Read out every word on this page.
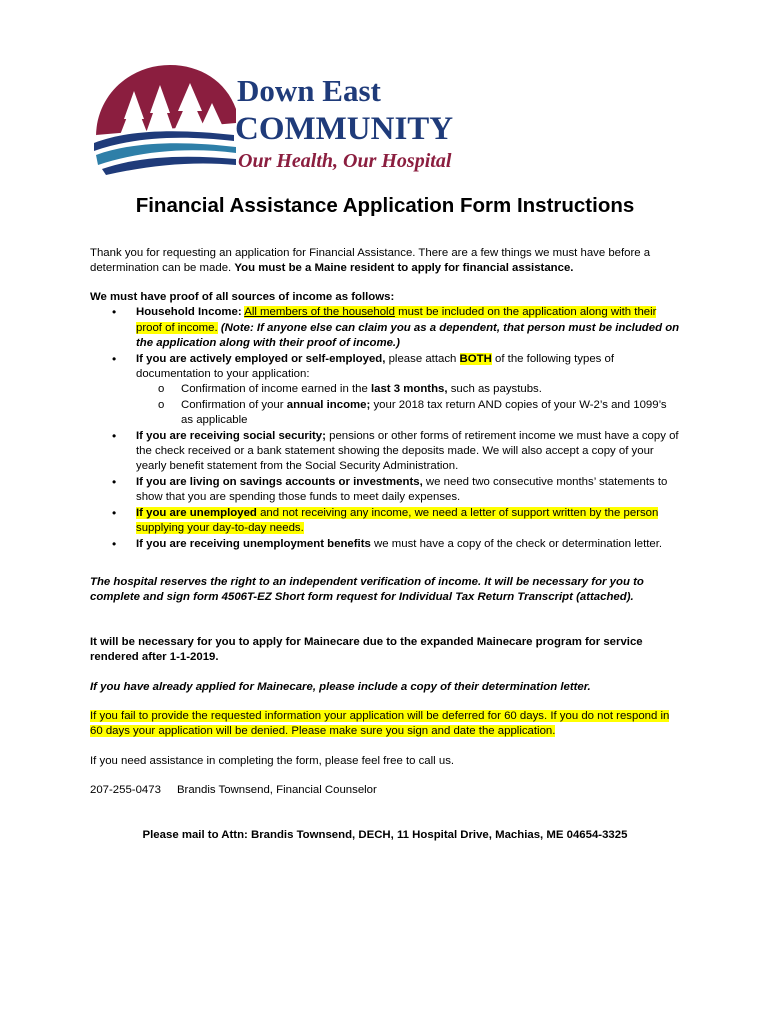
Down East
COMMUNITY
Our Health, Our Hospital
Financial Assistance Application Form Instructions
Thank you for requesting an application for Financial Assistance. There are a few things we must have before a determination can be made. You must be a Maine resident to apply for financial assistance.

We must have proof of all sources of income as follows:

• Household Income: All members of the household must be included on the application along with their proof of income. (Note: If anyone else can claim you as a dependent, that person must be included on the application along with their proof of income.)
• If you are actively employed or self-employed, please attach BOTH of the following types of documentation to your application:
o Confirmation of income earned in the last 3 months, such as paystubs.
o Confirmation of your annual income; your 2018 tax return AND copies of your W-2’s and 1099’s as applicable
• If you are receiving social security; pensions or other forms of retirement income we must have a copy of the check received or a bank statement showing the deposits made. We will also accept a copy of your yearly benefit statement from the Social Security Administration.
• If you are living on savings accounts or investments, we need two consecutive months’ statements to show that you are spending those funds to meet daily expenses.
• If you are unemployed and not receiving any income, we need a letter of support written by the person supplying your day-to-day needs.
• If you are receiving unemployment benefits we must have a copy of the check or determination letter.
The hospital reserves the right to an independent verification of income. It will be necessary for you to complete and sign form 4506T-EZ Short form request for Individual Tax Return Transcript (attached).
It will be necessary for you to apply for Mainecare due to the expanded Mainecare program for service rendered after 1-1-2019.
If you have already applied for Mainecare, please include a copy of their determination letter.
If you fail to provide the requested information your application will be deferred for 60 days. If you do not respond in 60 days your application will be denied. Please make sure you sign and date the application.
If you need assistance in completing the form, please feel free to call us.
207-255-0473 Brandis Townsend, Financial Counselor
Please mail to Attn: Brandis Townsend, DECH, 11 Hospital Drive, Machias, ME 04654-3325
